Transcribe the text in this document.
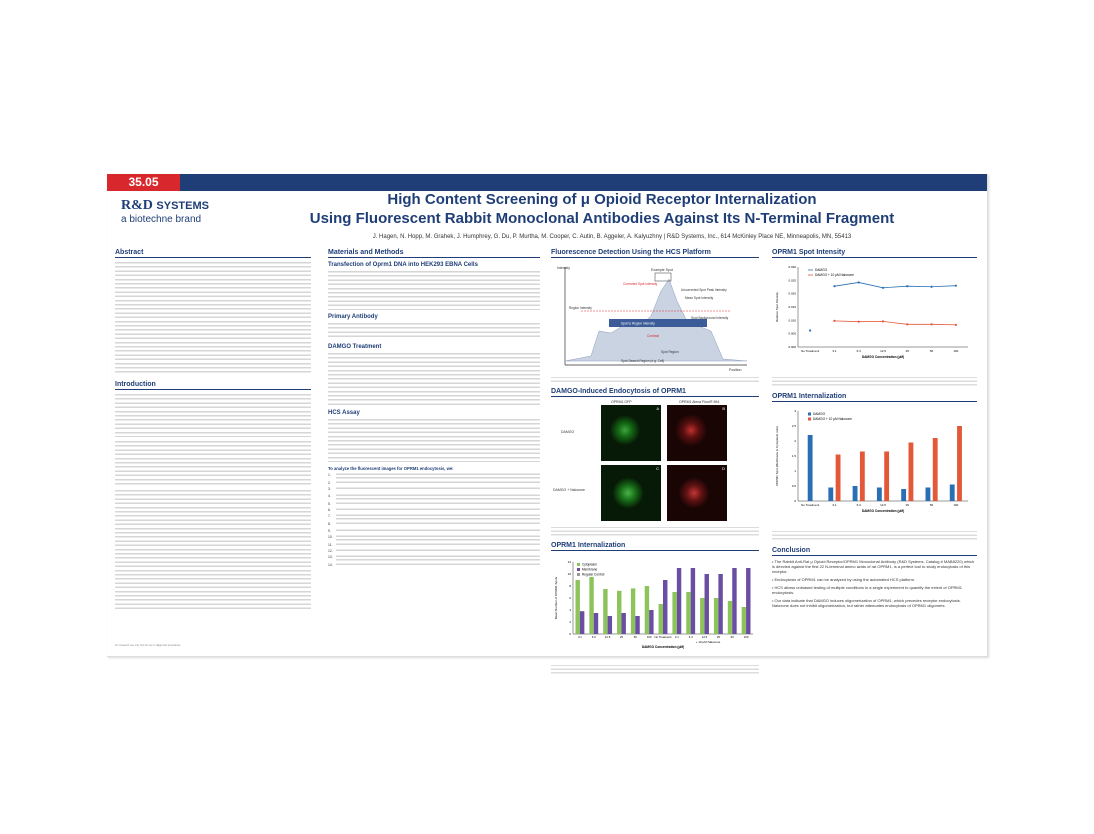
35.05
R&D SYSTEMS
a biotechne brand
High Content Screening of μ Opioid Receptor Internalization
Using Fluorescent Rabbit Monoclonal Antibodies Against Its N-Terminal Fragment
J. Hagen, N. Hopp, M. Grahek, J. Humphrey, G. Du, P. Murtha, M. Cooper, C. Autin, B. Aggeler, A. Kalyuzhny | R&D Systems, Inc., 614 McKinley Place NE, Minneapolis, MN, 55413
Abstract
Introduction
Materials and Methods
Transfection of Oprm1 DNA into HEK293 EBNA Cells
Primary Antibody
DAMGO Treatment
HCS Assay
To analyze the fluorescent images for OPRM1 endocytosis, we:
1.
2.
3.
4.
5.
6.
7.
8.
9.
10.
11.
12.
13.
14.
Fluorescence Detection Using the HCS Platform
Intensity
Position
Example Spot
Corrected Spot Intensity
Uncorrected Spot Peak Intensity
Mean Spot Intensity
Region Intensity
Spot to Region Intensity
Spot Background Intensity
Contrast
Spot Region
Spot Search Region (e.g. Cell)
DAMGO-Induced Endocytosis of OPRM1
OPRM1 GFP	OPRM1 Alexa Fluor® 594
DAMGO
DAMGO + Naloxone
A	B
C	D
OPRM1 Internalization
0
2
4
6
8
10
12
3.1	6.3	12.5	25	50	100 No Treatment 3.1	6.3	12.5	25	50	100
+ 10 μM Naloxone
DAMGO Concentration (μM)
Mean Number of OPRM1 Spots
Cytoplasm
Membrane
Regular Control
OPRM1 Spot Intensity
0.000
0.005
0.010
0.015
0.020
0.025
0.030
No Treatment	3.1	6.3	12.5	25	50	100
DAMGO Concentration (μM)
Relative Spot Intensity
DAMGO
DAMGO + 10 μM Naloxone
OPRM1 Internalization
0
0.5
1
1.5
2
2.5
3
No Treatment	3.1	6.3	12.5	25	50	100
DAMGO Concentration (μM)
OPRM1 Spot (Membrane to Cytoplasm ratio)
DAMGO
DAMGO + 10 μM Naloxone
Conclusion
• The Rabbit Anti-Rat μ Opioid Receptor/OPRM1 Monoclonal Antibody (R&D Systems, Catalog # MAB8220) which is directed against the first 22 N-terminal amino acids of rat OPRM1, is a perfect tool to study endocytosis of this receptor.
• Endocytosis of OPRM1 can be analyzed by using the automated HCS platform.
• HCS allows unbiased testing of multiple conditions in a single experiment to quantify the extent of OPRM1 endocytosis.
• Our data indicate that DAMGO induces oligomerization of OPRM1, which precedes receptor endocytosis. Naloxone does not inhibit oligomerization, but rather attenuates endocytosis of OPRM1 oligomers.
For research use only. Not for use in diagnostic procedures.
